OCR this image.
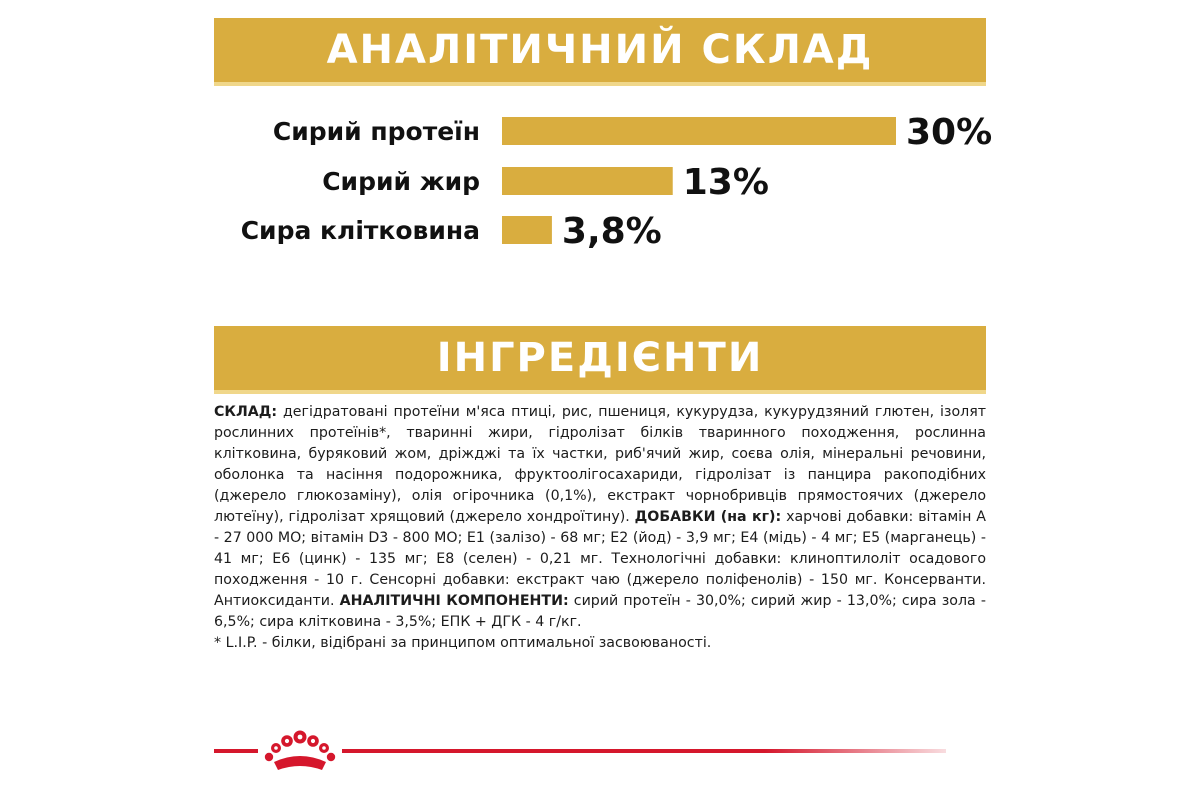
АНАЛІТИЧНИЙ СКЛАД
Сирий протеїн	30%
Сирий жир	13%
Сира клітковина 3,8%
ІНГРЕДІЄНТИ
СКЛАД: дегідратовані протеїни м'яса птиці, рис, пшениця, кукурудза, кукурудзяний глютен, ізолят рослинних протеїнів*, тваринні жири, гідролізат білків тваринного походження, рослинна клітковина, буряковий жом, дріжджі та їх частки, риб'ячий жир, соєва олія, мінеральні речовини, оболонка та насіння подорожника, фруктоолігосахариди, гідролізат із панцира ракоподібних (джерело глюкозаміну), олія огірочника (0,1%), екстракт чорнобривців прямостоячих (джерело лютеїну), гідролізат хрящовий (джерело хондроїтину). ДОБАВКИ (на кг): харчові добавки: вітамін А - 27 000 МО; вітамін D3 - 800 МО; Е1 (залізо) - 68 мг; Е2 (йод) - 3,9 мг; Е4 (мідь) - 4 мг; Е5 (марганець) - 41 мг; Е6 (цинк) - 135 мг; Е8 (селен) - 0,21 мг. Технологічні добавки: клиноптилоліт осадового походження - 10 г. Сенсорні добавки: екстракт чаю (джерело поліфенолів) - 150 мг. Консерванти. Антиоксиданти. АНАЛІТИЧНІ КОМПОНЕНТИ: сирий протеїн - 30,0%; сирий жир - 13,0%; сира зола - 6,5%; сира клітковина - 3,5%; ЕПК + ДГК - 4 г/кг.
* L.I.P. - білки, відібрані за принципом оптимальної засвоюваності.
